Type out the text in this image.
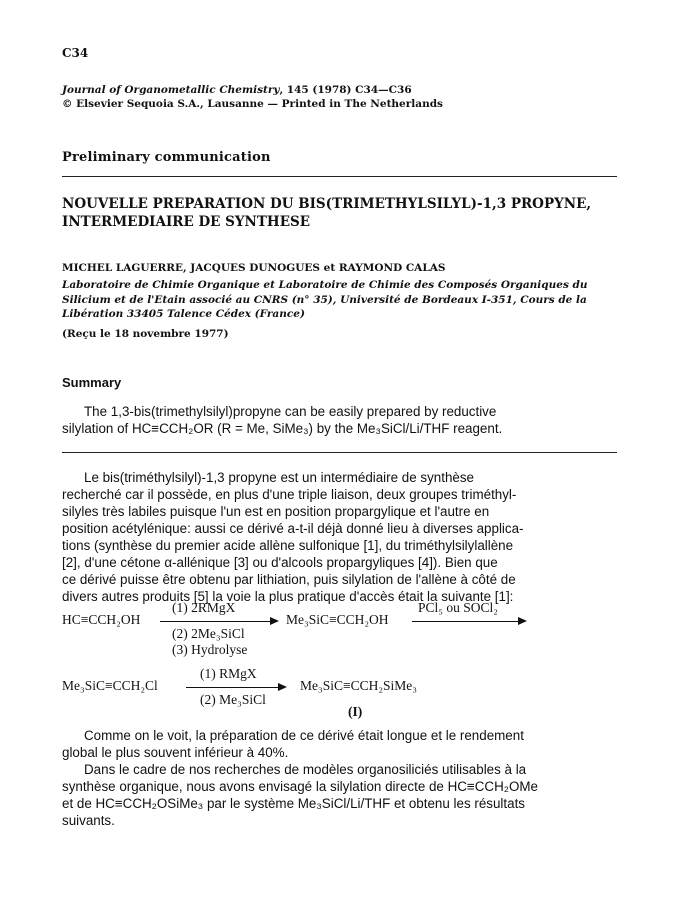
C34
Journal of Organometallic Chemistry, 145 (1978) C34—C36
© Elsevier Sequoia S.A., Lausanne — Printed in The Netherlands
Preliminary communication
NOUVELLE PREPARATION DU BIS(TRIMETHYLSILYL)-1,3 PROPYNE,
INTERMEDIAIRE DE SYNTHESE
MICHEL LAGUERRE, JACQUES DUNOGUES et RAYMOND CALAS
Laboratoire de Chimie Organique et Laboratoire de Chimie des Composés Organiques du
Silicium et de l'Etain associé au CNRS (n° 35), Université de Bordeaux I-351, Cours de la
Libération 33405 Talence Cédex (France)
(Reçu le 18 novembre 1977)
Summary
The 1,3-bis(trimethylsilyl)propyne can be easily prepared by reductive
silylation of HC≡CCH₂OR (R = Me, SiMe₃) by the Me₃SiCl/Li/THF reagent.
Le bis(triméthylsilyl)-1,3 propyne est un intermédiaire de synthèse
recherché car il possède, en plus d'une triple liaison, deux groupes triméthyl-
silyles très labiles puisque l'un est en position propargylique et l'autre en
position acétylénique: aussi ce dérivé a-t-il déjà donné lieu à diverses applica-
tions (synthèse du premier acide allène sulfonique [1], du triméthylsilylallène
[2], d'une cétone α-allénique [3] ou d'alcools propargyliques [4]). Bien que
ce dérivé puisse être obtenu par lithiation, puis silylation de l'allène à côté de
divers autres produits [5] la voie la plus pratique d'accès était la suivante [1]:
HC≡CCH₂OH
(1) 2RMgX
(2) 2Me₃SiCl
(3) Hydrolyse
Me₃SiC≡CCH₂OH
PCl₅ ou SOCl₂
Me₃SiC≡CCH₂Cl
(1) RMgX
(2) Me₃SiCl
Me₃SiC≡CCH₂SiMe₃
(I)
Comme on le voit, la préparation de ce dérivé était longue et le rendement
global le plus souvent inférieur à 40%.
Dans le cadre de nos recherches de modèles organosiliciés utilisables à la
synthèse organique, nous avons envisagé la silylation directe de HC≡CCH₂OMe
et de HC≡CCH₂OSiMe₃ par le système Me₃SiCl/Li/THF et obtenu les résultats
suivants.
